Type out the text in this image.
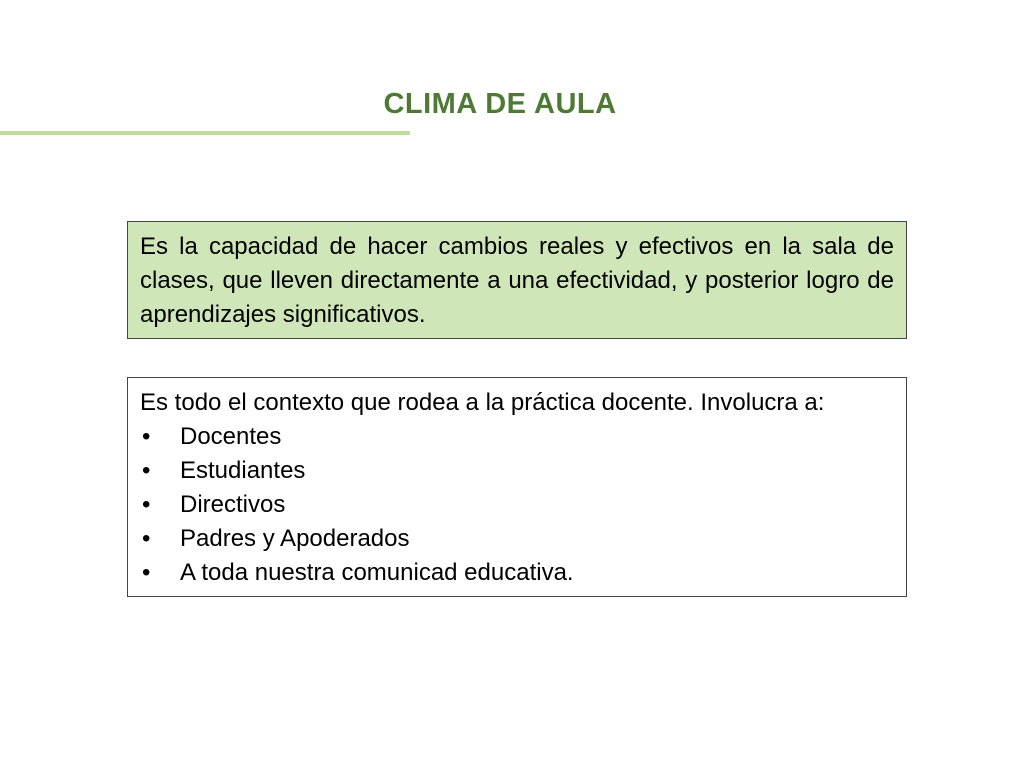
CLIMA DE AULA
Es la capacidad de hacer cambios reales y efectivos en la sala de clases, que lleven directamente a una efectividad, y posterior logro de aprendizajes significativos.

Es todo el contexto que rodea a la práctica docente. Involucra a:

•	Docentes
•	Estudiantes
•	Directivos
•	Padres y Apoderados
•	A toda nuestra comunicad educativa.
